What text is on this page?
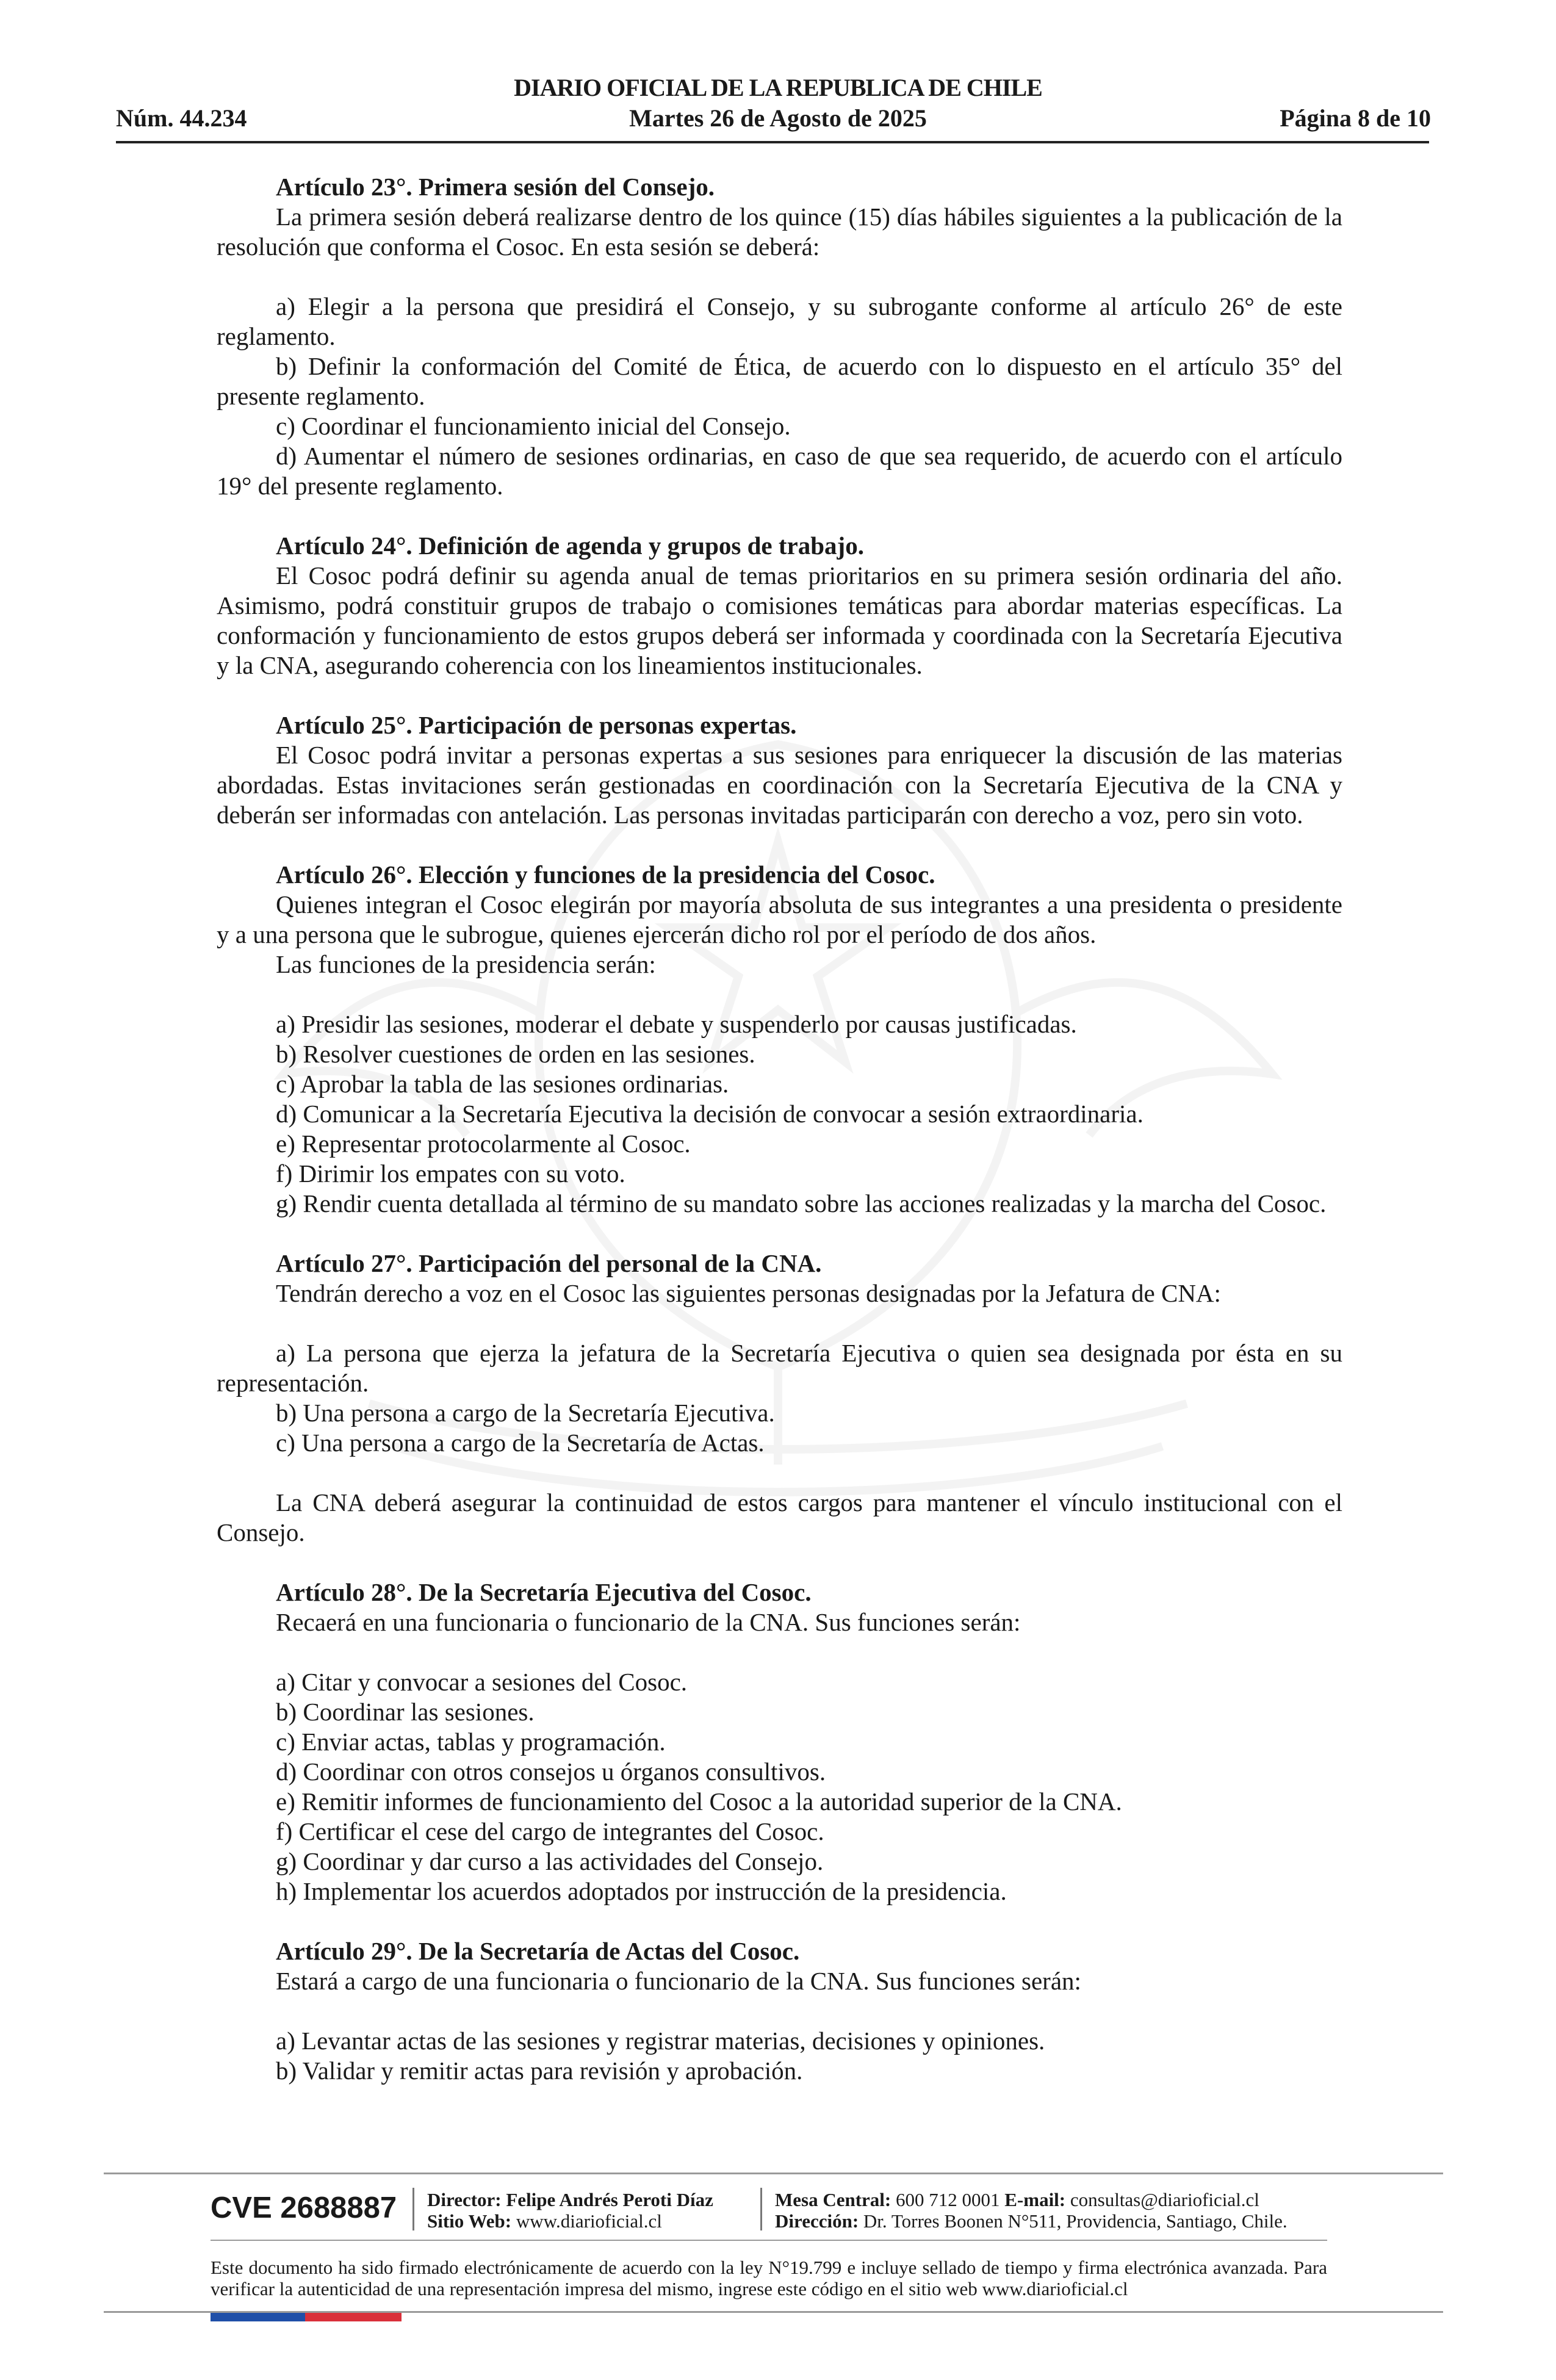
DIARIO OFICIAL DE LA REPUBLICA DE CHILE
Núm. 44.234	Martes 26 de Agosto de 2025	Página 8 de 10
Artículo 23°. Primera sesión del Consejo.
La primera sesión deberá realizarse dentro de los quince (15) días hábiles siguientes a la publicación de la resolución que conforma el Cosoc. En esta sesión se deberá:
a) Elegir a la persona que presidirá el Consejo, y su subrogante conforme al artículo 26° de este reglamento.
b) Definir la conformación del Comité de Ética, de acuerdo con lo dispuesto en el artículo 35° del presente reglamento.
c) Coordinar el funcionamiento inicial del Consejo.
d) Aumentar el número de sesiones ordinarias, en caso de que sea requerido, de acuerdo con el artículo 19° del presente reglamento.
Artículo 24°. Definición de agenda y grupos de trabajo.
El Cosoc podrá definir su agenda anual de temas prioritarios en su primera sesión ordinaria del año. Asimismo, podrá constituir grupos de trabajo o comisiones temáticas para abordar materias específicas. La conformación y funcionamiento de estos grupos deberá ser informada y coordinada con la Secretaría Ejecutiva y la CNA, asegurando coherencia con los lineamientos institucionales.
Artículo 25°. Participación de personas expertas.
El Cosoc podrá invitar a personas expertas a sus sesiones para enriquecer la discusión de las materias abordadas. Estas invitaciones serán gestionadas en coordinación con la Secretaría Ejecutiva de la CNA y deberán ser informadas con antelación. Las personas invitadas participarán con derecho a voz, pero sin voto.
Artículo 26°. Elección y funciones de la presidencia del Cosoc.
Quienes integran el Cosoc elegirán por mayoría absoluta de sus integrantes a una presidenta o presidente y a una persona que le subrogue, quienes ejercerán dicho rol por el período de dos años.
Las funciones de la presidencia serán:
a) Presidir las sesiones, moderar el debate y suspenderlo por causas justificadas.
b) Resolver cuestiones de orden en las sesiones.
c) Aprobar la tabla de las sesiones ordinarias.
d) Comunicar a la Secretaría Ejecutiva la decisión de convocar a sesión extraordinaria.
e) Representar protocolarmente al Cosoc.
f) Dirimir los empates con su voto.
g) Rendir cuenta detallada al término de su mandato sobre las acciones realizadas y la marcha del Cosoc.
Artículo 27°. Participación del personal de la CNA.
Tendrán derecho a voz en el Cosoc las siguientes personas designadas por la Jefatura de CNA:
a) La persona que ejerza la jefatura de la Secretaría Ejecutiva o quien sea designada por ésta en su representación.
b) Una persona a cargo de la Secretaría Ejecutiva.
c) Una persona a cargo de la Secretaría de Actas.
La CNA deberá asegurar la continuidad de estos cargos para mantener el vínculo institucional con el Consejo.
Artículo 28°. De la Secretaría Ejecutiva del Cosoc.
Recaerá en una funcionaria o funcionario de la CNA. Sus funciones serán:
a) Citar y convocar a sesiones del Cosoc.
b) Coordinar las sesiones.
c) Enviar actas, tablas y programación.
d) Coordinar con otros consejos u órganos consultivos.
e) Remitir informes de funcionamiento del Cosoc a la autoridad superior de la CNA.
f) Certificar el cese del cargo de integrantes del Cosoc.
g) Coordinar y dar curso a las actividades del Consejo.
h) Implementar los acuerdos adoptados por instrucción de la presidencia.
Artículo 29°. De la Secretaría de Actas del Cosoc.
Estará a cargo de una funcionaria o funcionario de la CNA. Sus funciones serán:
a) Levantar actas de las sesiones y registrar materias, decisiones y opiniones.
b) Validar y remitir actas para revisión y aprobación.
CVE 2688887	Director: Felipe Andrés Peroti Díaz
Sitio Web: www.diarioficial.cl
Mesa Central: 600 712 0001 E-mail: consultas@diarioficial.cl
Dirección: Dr. Torres Boonen N°511, Providencia, Santiago, Chile.
Este documento ha sido firmado electrónicamente de acuerdo con la ley N°19.799 e incluye sellado de tiempo y firma electrónica avanzada. Para verificar la autenticidad de una representación impresa del mismo, ingrese este código en el sitio web www.diarioficial.cl
